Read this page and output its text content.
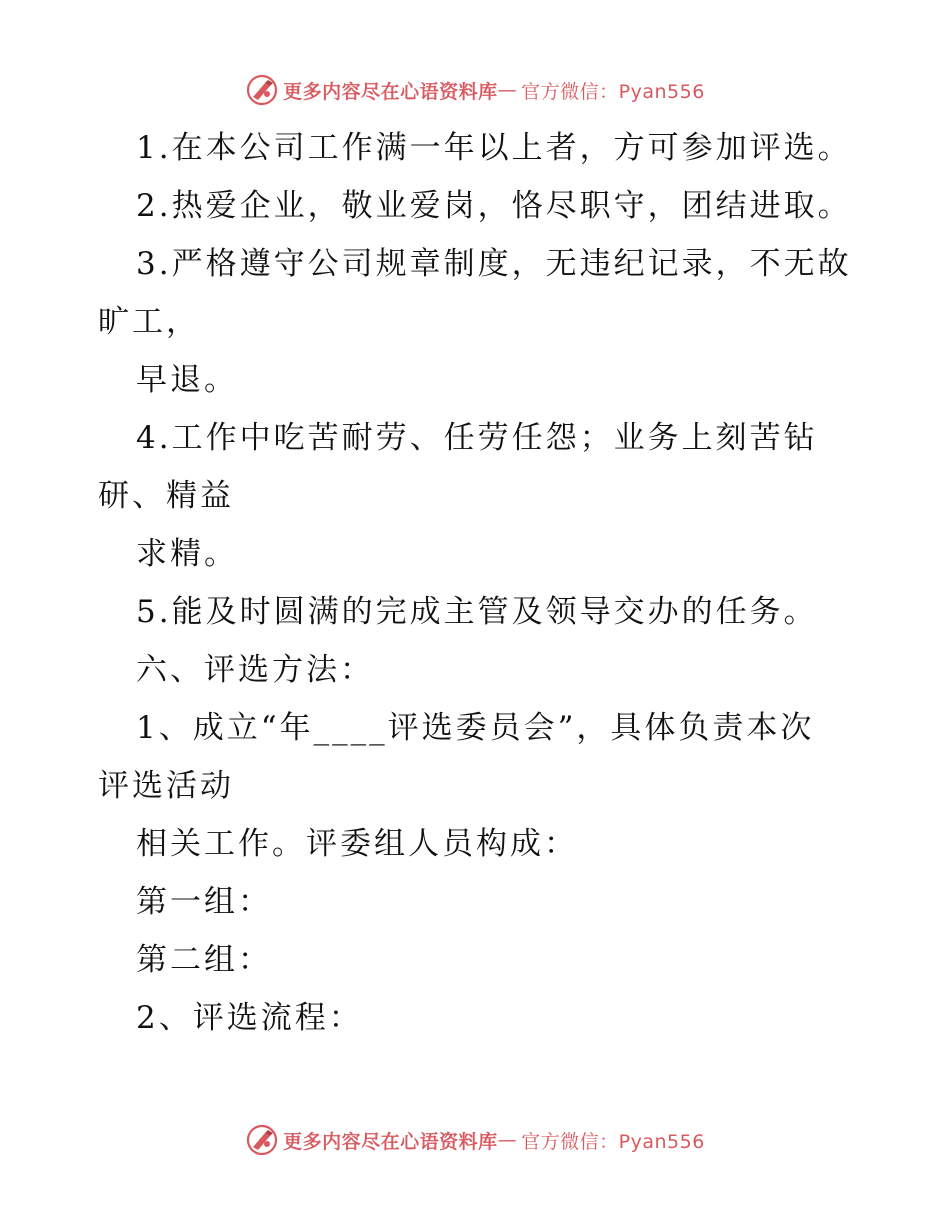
更多内容尽在心语资料库 — 官方微信：Pyan556
1.在本公司工作满一年以上者，方可参加评选。
2.热爱企业，敬业爱岗，恪尽职守，团结进取。
3.严格遵守公司规章制度，无违纪记录，不无故
旷工，
早退。
4.工作中吃苦耐劳、任劳任怨；业务上刻苦钻
研、精益
求精。
5.能及时圆满的完成主管及领导交办的任务。
六、评选方法：
1、成立“年____评选委员会”，具体负责本次
评选活动
相关工作。评委组人员构成：
第一组：
第二组：
2、评选流程：
更多内容尽在心语资料库 — 官方微信：Pyan556
